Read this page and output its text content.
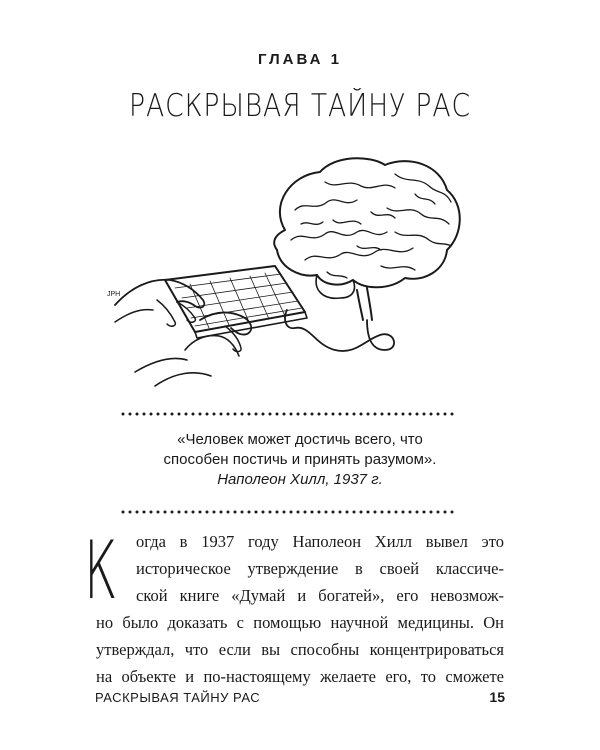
ГЛАВА 1
РАСКРЫВАЯ ТАЙНУ РАС
JPH
«Человек может достичь всего, что
способен постичь и принять разумом».
Наполеон Хилл, 1937 г.
К огда в 1937 году Наполеон Хилл вывел это
историческое утверждение в своей классиче-
ской книге «Думай и богатей», его невозмож-
но было доказать с помощью научной медицины. Он
утверждал, что если вы способны концентрироваться
на объекте и по-настоящему желаете его, то сможете
РАСКРЫВАЯ ТАЙНУ РАС	15
